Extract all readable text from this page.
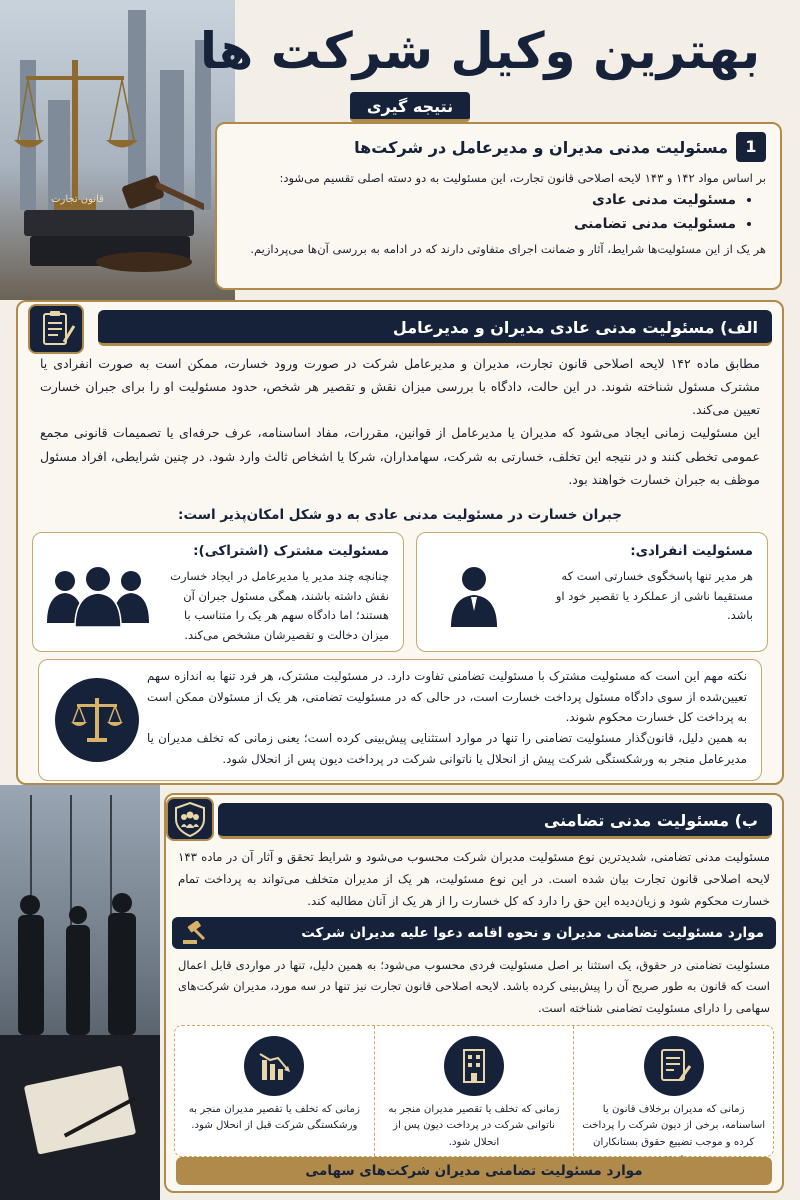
قانون تجارت
بهترین وکیل شرکت ها
نتیجه گیری
1
مسئولیت مدنی مدیران و مدیرعامل در شرکت‌ها
بر اساس مواد ۱۴۲ و ۱۴۳ لایحه اصلاحی قانون تجارت، این مسئولیت به دو دسته اصلی تقسیم می‌شود:
• مسئولیت مدنی عادی
• مسئولیت مدنی تضامنی
هر یک از این مسئولیت‌ها شرایط، آثار و ضمانت اجرای متفاوتی دارند که در ادامه به بررسی آن‌ها می‌پردازیم.
الف) مسئولیت مدنی عادی مدیران و مدیرعامل

مطابق ماده ۱۴۲ لایحه اصلاحی قانون تجارت، مدیران و مدیرعامل شرکت در صورت ورود خسارت، ممکن است به صورت انفرادی یا مشترک مسئول شناخته شوند. در این حالت، دادگاه با بررسی میزان نقش و تقصیر هر شخص، حدود مسئولیت او را برای جبران خسارت تعیین می‌کند.

این مسئولیت زمانی ایجاد می‌شود که مدیران یا مدیرعامل از قوانین، مقررات، مفاد اساسنامه، عرف حرفه‌ای یا تصمیمات قانونی مجمع عمومی تخطی کنند و در نتیجه این تخلف، خسارتی به شرکت، سهامداران، شرکا یا اشخاص ثالث وارد شود. در چنین شرایطی، افراد مسئول موظف به جبران خسارت خواهند بود.

جبران خسارت در مسئولیت مدنی عادی به دو شکل امکان‌پذیر است:
مسئولیت انفرادی:
هر مدیر تنها پاسخگوی خسارتی است که مستقیما ناشی از عملکرد یا تقصیر خود او باشد.
مسئولیت مشترک (اشتراکی):
چنانچه چند مدیر یا مدیرعامل در ایجاد خسارت نقش داشته باشند، همگی مسئول جبران آن هستند؛ اما دادگاه سهم هر یک را متناسب با میزان دخالت و تقصیرشان مشخص می‌کند.

نکته مهم این است که مسئولیت مشترک با مسئولیت تضامنی تفاوت دارد. در مسئولیت مشترک، هر فرد تنها به اندازه سهم تعیین‌شده از سوی دادگاه مسئول پرداخت خسارت است، در حالی که در مسئولیت تضامنی، هر یک از مسئولان ممکن است به پرداخت کل خسارت محکوم شوند.

به همین دلیل، قانون‌گذار مسئولیت تضامنی را تنها در موارد استثنایی پیش‌بینی کرده است؛ یعنی زمانی که تخلف مدیران یا مدیرعامل منجر به ورشکستگی شرکت پیش از انحلال یا ناتوانی شرکت در پرداخت دیون پس از انحلال شود.

ب) مسئولیت مدنی تضامنی
مسئولیت مدنی تضامنی، شدیدترین نوع مسئولیت مدیران شرکت محسوب می‌شود و شرایط تحقق و آثار آن در ماده ۱۴۳ لایحه اصلاحی قانون تجارت بیان شده است. در این نوع مسئولیت، هر یک از مدیران متخلف می‌تواند به پرداخت تمام خسارت محکوم شود و زیان‌دیده این حق را دارد که کل خسارت را از هر یک از آنان مطالبه کند.
موارد مسئولیت تضامنی مدیران و نحوه اقامه دعوا علیه مدیران شرکت
مسئولیت تضامنی در حقوق، یک استثنا بر اصل مسئولیت فردی محسوب می‌شود؛ به همین دلیل، تنها در مواردی قابل اعمال است که قانون به طور صریح آن را پیش‌بینی کرده باشد. لایحه اصلاحی قانون تجارت نیز تنها در سه مورد، مدیران شرکت‌های سهامی را دارای مسئولیت تضامنی شناخته است.
زمانی که مدیران برخلاف قانون یا اساسنامه، برخی از دیون شرکت را پرداخت کرده و موجب تضییع حقوق بستانکاران
زمانی که تخلف یا تقصیر مدیران منجر به ناتوانی شرکت در پرداخت دیون پس از انحلال شود.
زمانی که تخلف یا تقصیر مدیران منجر به ورشکستگی شرکت قبل از انحلال شود.
موارد مسئولیت تضامنی مدیران شرکت‌های سهامی
